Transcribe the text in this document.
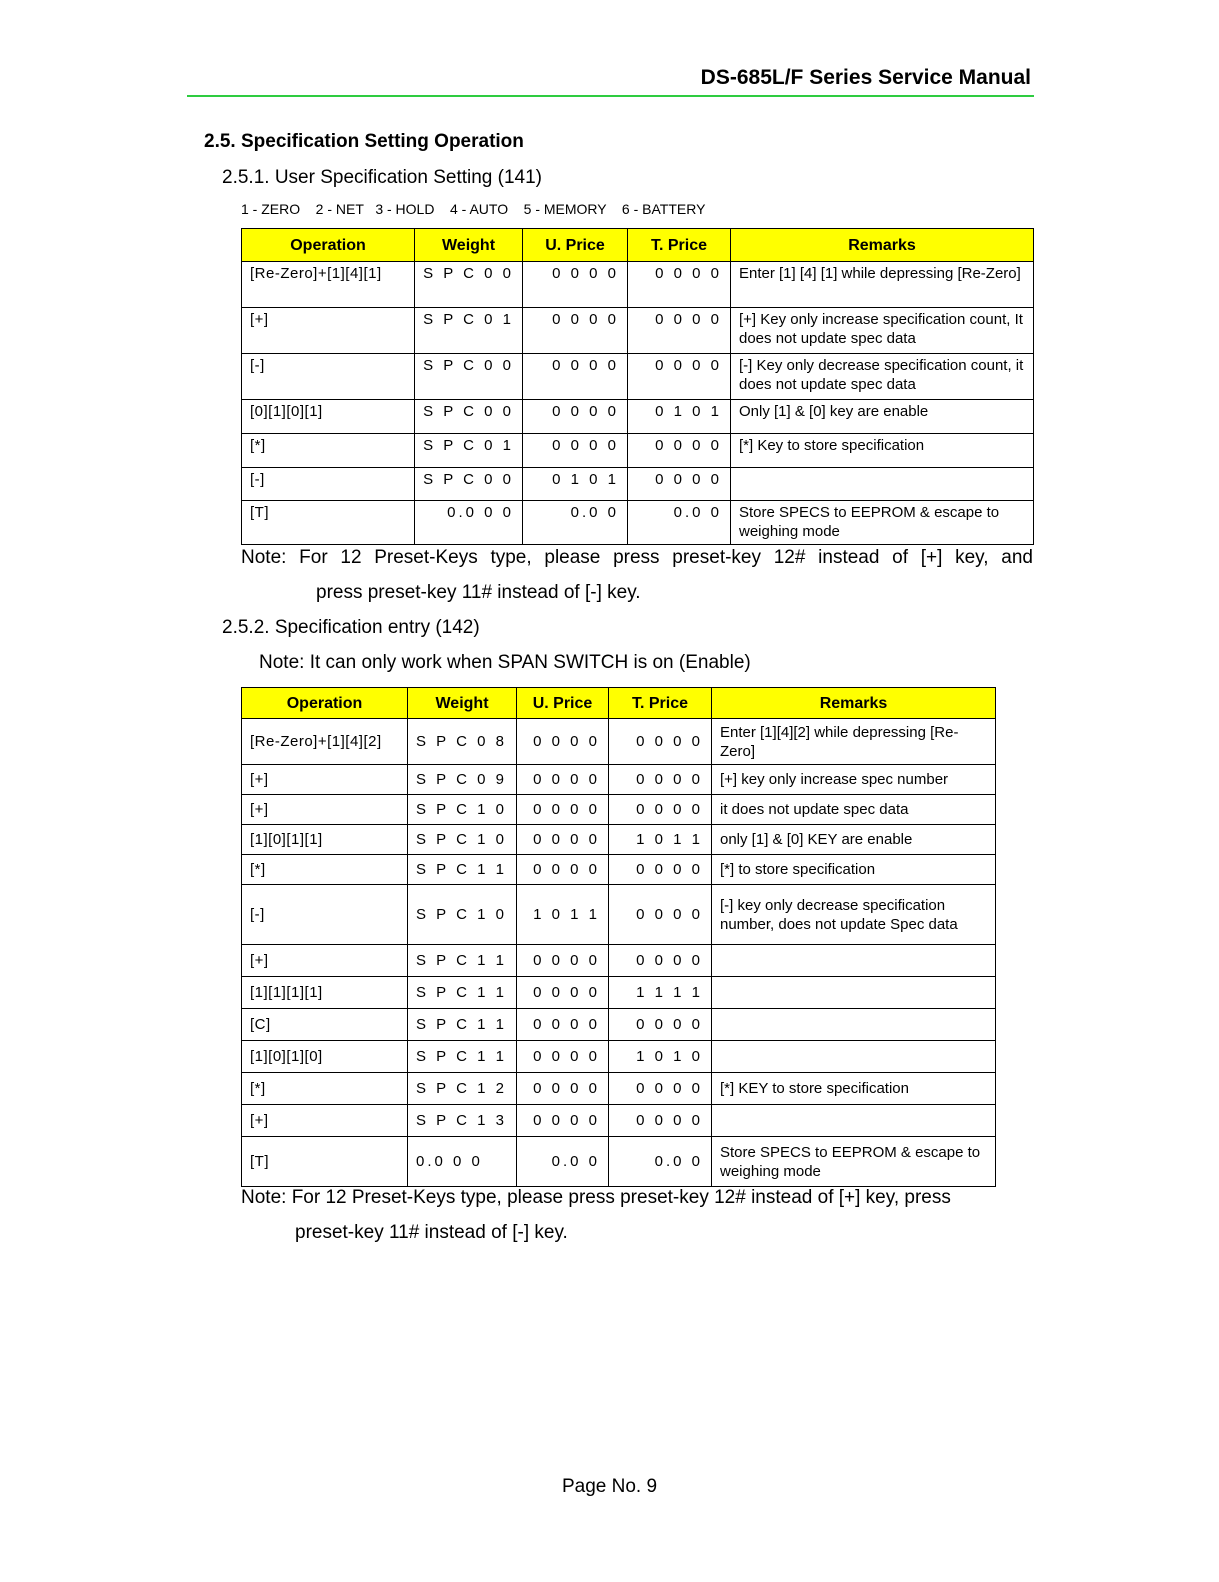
DS-685L/F Series Service Manual
2.5. Specification Setting Operation
2.5.1. User Specification Setting (141)
1 - ZERO    2 - NET   3 - HOLD    4 - AUTO    5 - MEMORY    6 - BATTERY
Operation	Weight	U. Price	T. Price	Remarks
[Re-Zero]+[1][4][1]	S P C 0 0	0 0 0 0	0 0 0 0	Enter [1] [4] [1] while depressing [Re-Zero]
[+]	S P C 0 1	0 0 0 0	0 0 0 0	[+] Key only increase specification count, It does not update spec data
[-]	S P C 0 0	0 0 0 0	0 0 0 0	[-] Key only decrease specification count, it does not update spec data
[0][1][0][1]	S P C 0 0	0 0 0 0	0 1 0 1	Only [1] & [0] key are enable
[*]	S P C 0 1	0 0 0 0	0 0 0 0	[*] Key to store specification
[-]	S P C 0 0	0 1 0 1	0 0 0 0	
[T]	0.0 0 0	0.0 0	0.0 0	Store SPECS to EEPROM & escape to weighing mode
Note: For 12 Preset-Keys type, please press preset-key 12# instead of [+] key, and
press preset-key 11# instead of [-] key.
2.5.2. Specification entry (142)
Note: It can only work when SPAN SWITCH is on (Enable)
Operation	Weight	U. Price	T. Price	Remarks
[Re-Zero]+[1][4][2]	S P C 0 8	0 0 0 0	0 0 0 0	Enter [1][4][2] while depressing [Re-Zero]
[+]	S P C 0 9	0 0 0 0	0 0 0 0	[+] key only increase spec number
[+]	S P C 1 0	0 0 0 0	0 0 0 0	it does not update spec data
[1][0][1][1]	S P C 1 0	0 0 0 0	1 0 1 1	only [1] & [0] KEY are enable
[*]	S P C 1 1	0 0 0 0	0 0 0 0	[*] to store specification
[-]	S P C 1 0	1 0 1 1	0 0 0 0	[-] key only decrease specification number, does not update Spec data
[+]	S P C 1 1	0 0 0 0	0 0 0 0	
[1][1][1][1]	S P C 1 1	0 0 0 0	1 1 1 1	
[C]	S P C 1 1	0 0 0 0	0 0 0 0	
[1][0][1][0]	S P C 1 1	0 0 0 0	1 0 1 0	
[*]	S P C 1 2	0 0 0 0	0 0 0 0	[*] KEY to store specification
[+]	S P C 1 3	0 0 0 0	0 0 0 0	
[T]	0.0 0 0	0.0 0	0.0 0	Store SPECS to EEPROM & escape to weighing mode
Note: For 12 Preset-Keys type, please press preset-key 12# instead of [+] key, press
preset-key 11# instead of [-] key.
Page No. 9
